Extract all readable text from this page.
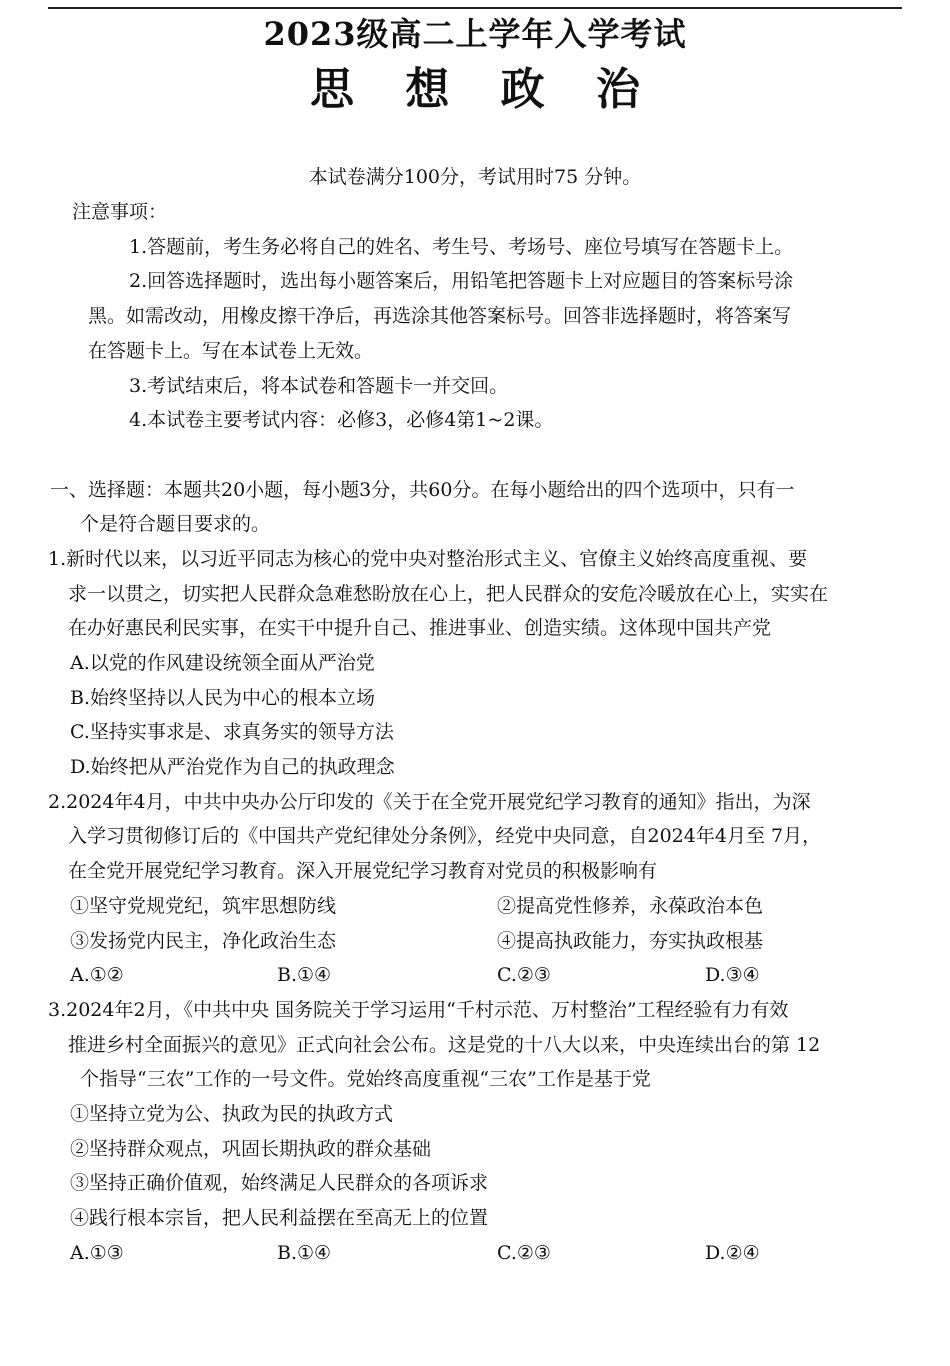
2023级高二上学年入学考试
思 想 政 治
本试卷满分100分，考试用时75 分钟。
注意事项：
1.答题前，考生务必将自己的姓名、考生号、考场号、座位号填写在答题卡上。
2.回答选择题时，选出每小题答案后，用铅笔把答题卡上对应题目的答案标号涂
黑。如需改动，用橡皮擦干净后，再选涂其他答案标号。回答非选择题时，将答案写
在答题卡上。写在本试卷上无效。
3.考试结束后，将本试卷和答题卡一并交回。
4.本试卷主要考试内容：必修3，必修4第1~2课。
一、选择题：本题共20小题，每小题3分，共60分。在每小题给出的四个选项中，只有一
个是符合题目要求的。
1.新时代以来，以习近平同志为核心的党中央对整治形式主义、官僚主义始终高度重视、要
求一以贯之，切实把人民群众急难愁盼放在心上，把人民群众的安危冷暖放在心上，实实在
在办好惠民利民实事，在实干中提升自己、推进事业、创造实绩。这体现中国共产党
A.以党的作风建设统领全面从严治党
B.始终坚持以人民为中心的根本立场
C.坚持实事求是、求真务实的领导方法
D.始终把从严治党作为自己的执政理念
2.2024年4月，中共中央办公厅印发的《关于在全党开展党纪学习教育的通知》指出，为深
入学习贯彻修订后的《中国共产党纪律处分条例》，经党中央同意，自2024年4月至 7月，
在全党开展党纪学习教育。深入开展党纪学习教育对党员的积极影响有
①坚守党规党纪，筑牢思想防线	②提高党性修养，永葆政治本色
③发扬党内民主，净化政治生态	④提高执政能力，夯实执政根基
A.①②	B.①④	C.②③	D.③④
3.2024年2月，《中共中央 国务院关于学习运用“千村示范、万村整治”工程经验有力有效
推进乡村全面振兴的意见》正式向社会公布。这是党的十八大以来，中央连续出台的第 12
个指导“三农”工作的一号文件。党始终高度重视“三农”工作是基于党
①坚持立党为公、执政为民的执政方式
②坚持群众观点，巩固长期执政的群众基础
③坚持正确价值观，始终满足人民群众的各项诉求
④践行根本宗旨，把人民利益摆在至高无上的位置
A.①③	B.①④	C.②③	D.②④
